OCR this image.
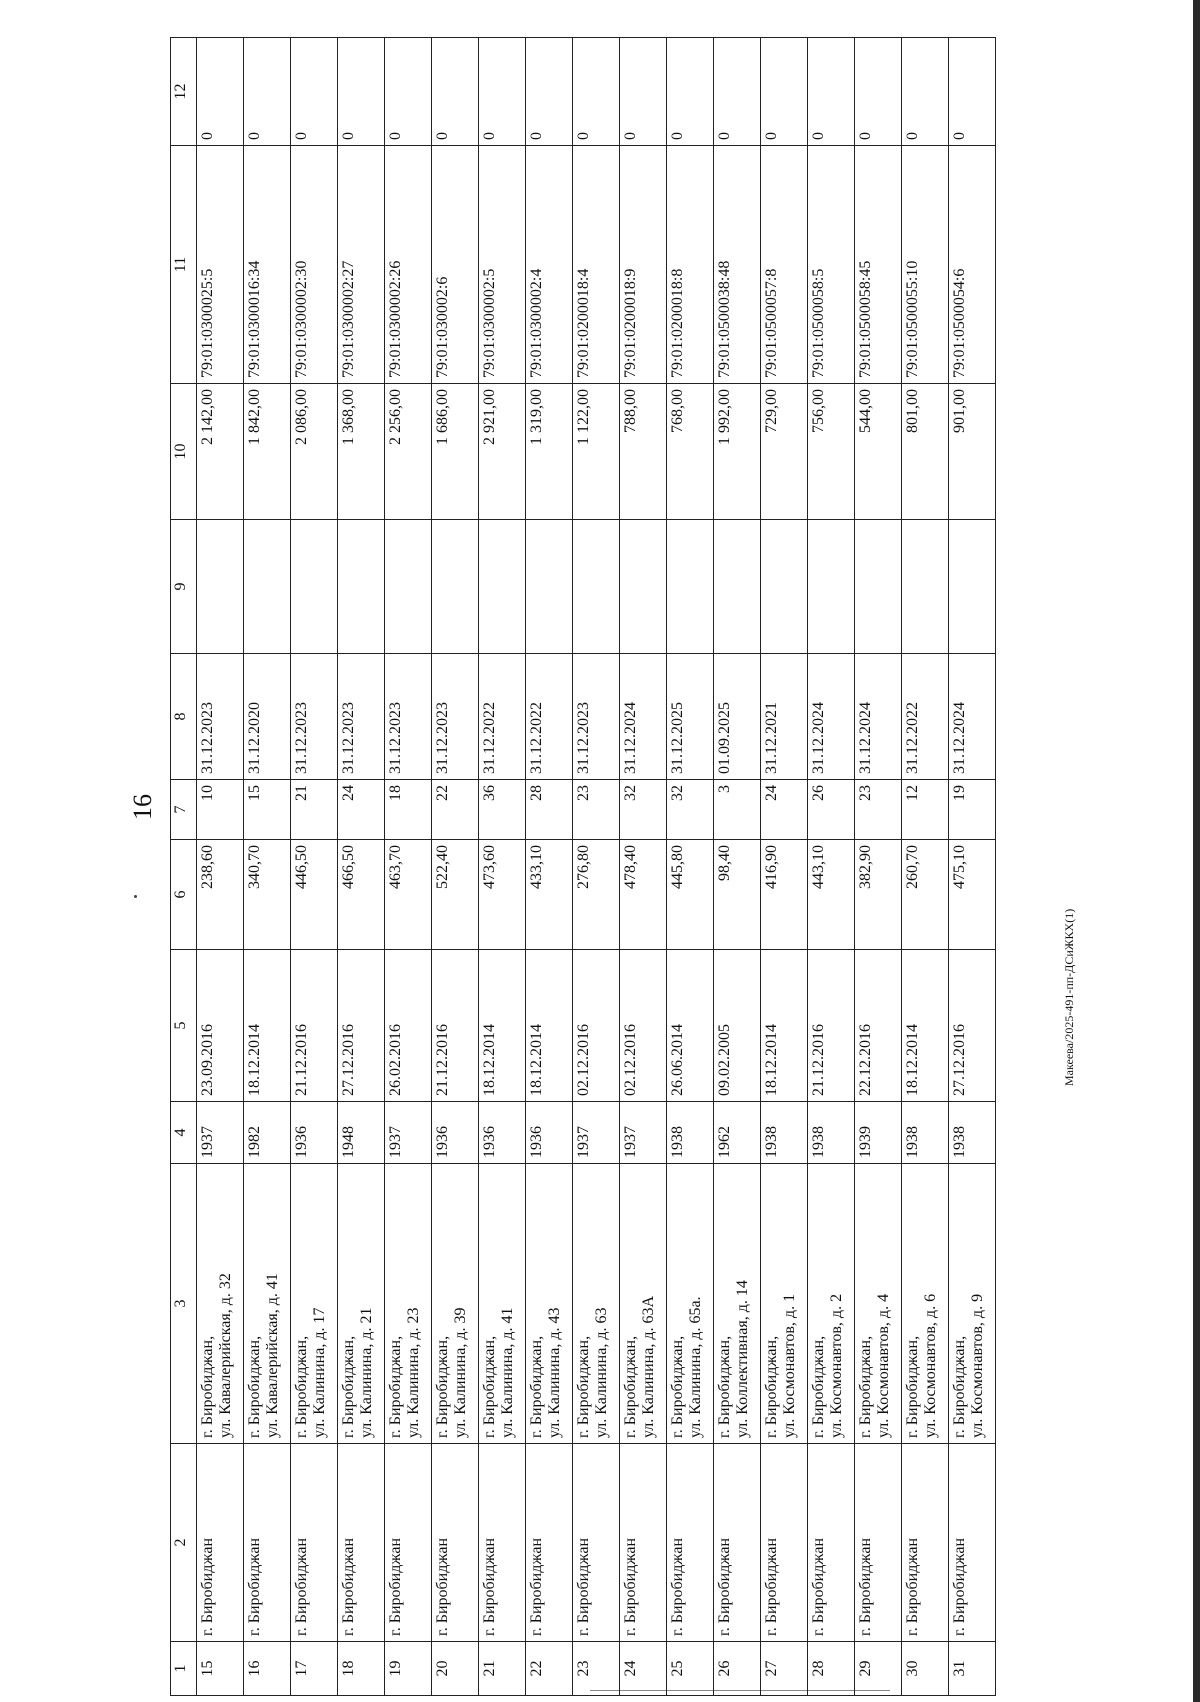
16
1	2	3	4	5	6	7	8	9	10	11	12
15	г. Биробиджан	г. Биробиджан, ул. Кавалерийская, д. 32	1937	23.09.2016	238,60	10	31.12.2023		2 142,00	79:01:0300025:5	0
16	г. Биробиджан	г. Биробиджан, ул. Кавалерийская, д. 41	1982	18.12.2014	340,70	15	31.12.2020		1 842,00	79:01:0300016:34	0
17	г. Биробиджан	г. Биробиджан, ул. Калинина, д. 17	1936	21.12.2016	446,50	21	31.12.2023		2 086,00	79:01:0300002:30	0
18	г. Биробиджан	г. Биробиджан, ул. Калинина, д. 21	1948	27.12.2016	466,50	24	31.12.2023		1 368,00	79:01:0300002:27	0
19	г. Биробиджан	г. Биробиджан, ул. Калинина, д. 23	1937	26.02.2016	463,70	18	31.12.2023		2 256,00	79:01:0300002:26	0
20	г. Биробиджан	г. Биробиджан, ул. Калинина, д. 39	1936	21.12.2016	522,40	22	31.12.2023		1 686,00	79:01:030002:6	0
21	г. Биробиджан	г. Биробиджан, ул. Калинина, д. 41	1936	18.12.2014	473,60	36	31.12.2022		2 921,00	79:01:0300002:5	0
22	г. Биробиджан	г. Биробиджан, ул. Калинина, д. 43	1936	18.12.2014	433,10	28	31.12.2022		1 319,00	79:01:0300002:4	0
23	г. Биробиджан	г. Биробиджан, ул. Калинина, д. 63	1937	02.12.2016	276,80	23	31.12.2023		1 122,00	79:01:0200018:4	0
24	г. Биробиджан	г. Биробиджан, ул. Калинина, д. 63А	1937	02.12.2016	478,40	32	31.12.2024		788,00	79:01:0200018:9	0
25	г. Биробиджан	г. Биробиджан, ул. Калинина, д. 65а.	1938	26.06.2014	445,80	32	31.12.2025		768,00	79:01:0200018:8	0
26	г. Биробиджан	г. Биробиджан, ул. Коллективная, д. 14	1962	09.02.2005	98,40	3	01.09.2025		1 992,00	79:01:0500038:48	0
27	г. Биробиджан	г. Биробиджан, ул. Космонавтов, д. 1	1938	18.12.2014	416,90	24	31.12.2021		729,00	79:01:0500057:8	0
28	г. Биробиджан	г. Биробиджан, ул. Космонавтов, д. 2	1938	21.12.2016	443,10	26	31.12.2024		756,00	79:01:0500058:5	0
29	г. Биробиджан	г. Биробиджан, ул. Космонавтов, д. 4	1939	22.12.2016	382,90	23	31.12.2024		544,00	79:01:0500058:45	0
30	г. Биробиджан	г. Биробиджан, ул. Космонавтов, д. 6	1938	18.12.2014	260,70	12	31.12.2022		801,00	79:01:0500055:10	0
31	г. Биробиджан	г. Биробиджан, ул. Космонавтов, д. 9	1938	27.12.2016	475,10	19	31.12.2024		901,00	79:01:0500054:6	0
Макеева/2025-491-пп-ДСиЖКХ(1)
